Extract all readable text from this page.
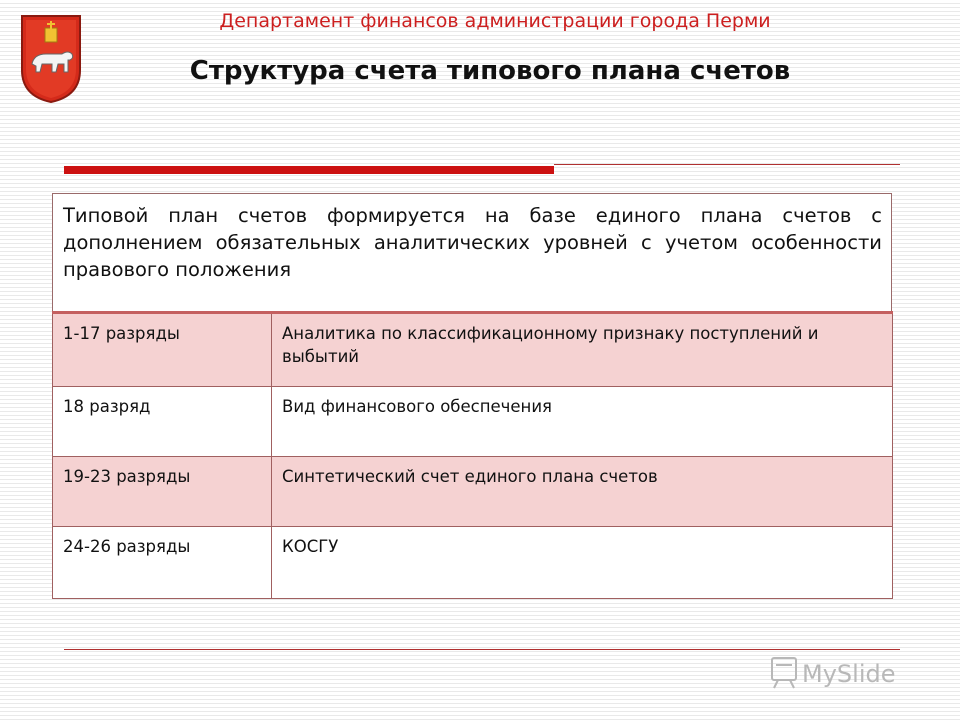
Департамент финансов администрации города Перми
Структура счета типового плана счетов
Типовой план счетов формируется на базе единого плана счетов с дополнением обязательных аналитических уровней с учетом особенности правового положения
1-17 разряды	Аналитика по классификационному признаку поступлений и выбытий
18 разряд	Вид финансового обеспечения
19-23 разряды	Синтетический счет единого плана счетов
24-26 разряды	КОСГУ
MySlide
